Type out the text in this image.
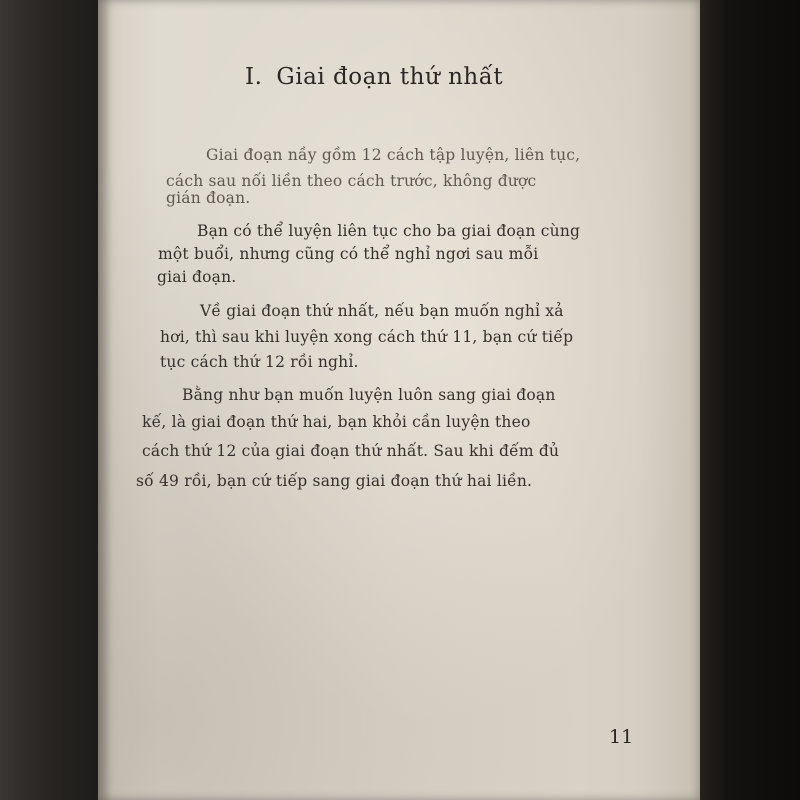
I. Giai đoạn thứ nhất
Giai đoạn nầy gồm 12 cách tập luyện, liên tục,
cách sau nối liền theo cách trước, không được
gián đoạn.
Bạn có thể luyện liên tục cho ba giai đoạn cùng
một buổi, nhưng cũng có thể nghỉ ngơi sau mỗi
giai đoạn.
Về giai đoạn thứ nhất, nếu bạn muốn nghỉ xả
hơi, thì sau khi luyện xong cách thứ 11, bạn cứ tiếp
tục cách thứ 12 rồi nghỉ.
Bằng như bạn muốn luyện luôn sang giai đoạn
kế, là giai đoạn thứ hai, bạn khỏi cần luyện theo
cách thứ 12 của giai đoạn thứ nhất. Sau khi đếm đủ
số 49 rồi, bạn cứ tiếp sang giai đoạn thứ hai liền.
11
